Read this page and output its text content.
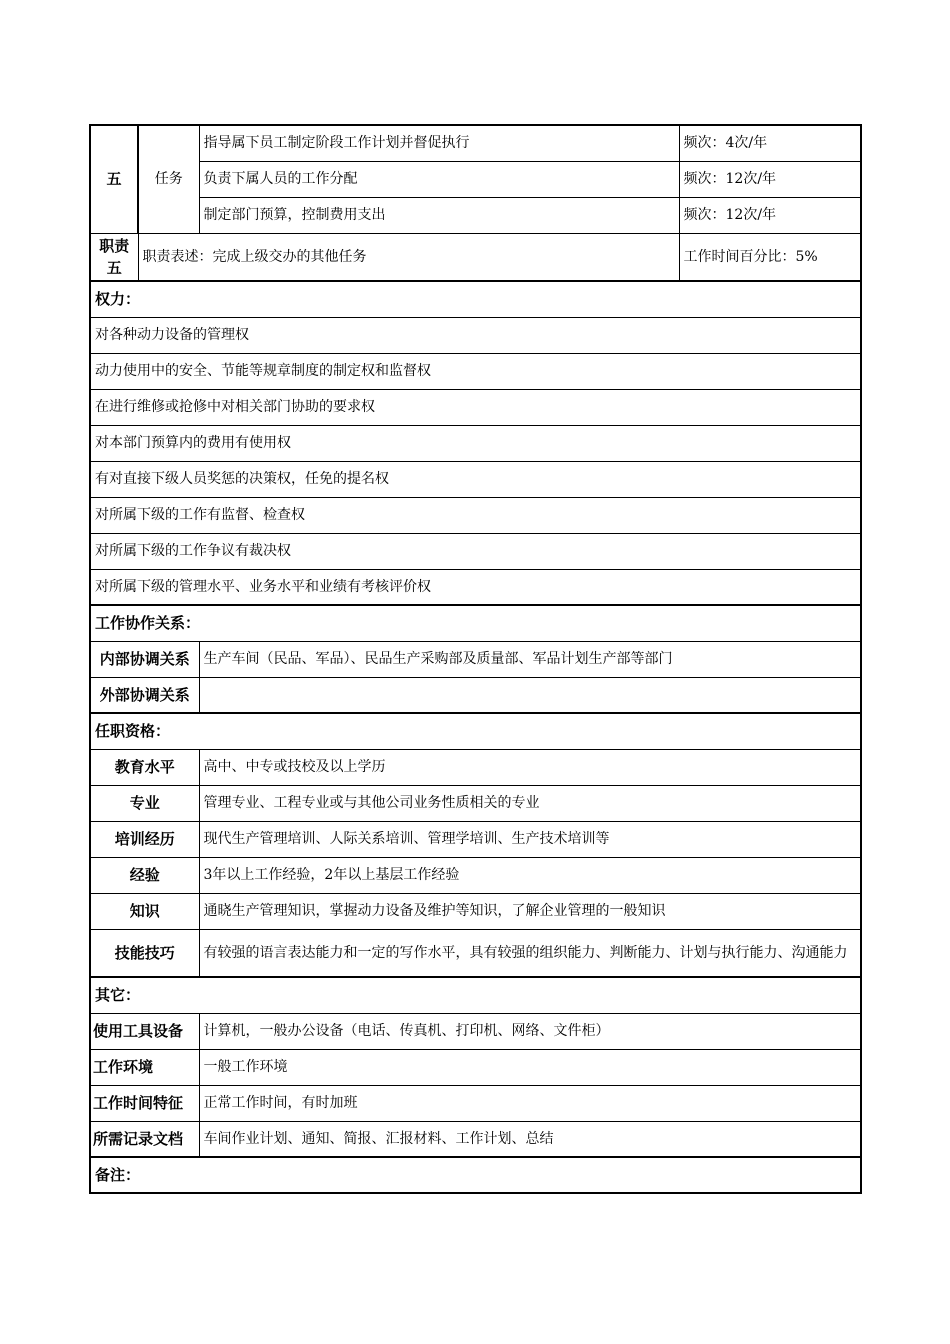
五	任务	指导属下员工制定阶段工作计划并督促执行	频次：4次/年
		负责下属人员的工作分配	频次：12次/年
		制定部门预算，控制费用支出	频次：12次/年
职责五	职责表述：完成上级交办的其他任务		工作时间百分比：5%
权力：			
对各种动力设备的管理权			
动力使用中的安全、节能等规章制度的制定权和监督权			
在进行维修或抢修中对相关部门协助的要求权			
对本部门预算内的费用有使用权			
有对直接下级人员奖惩的决策权，任免的提名权			
对所属下级的工作有监督、检查权			
对所属下级的工作争议有裁决权			
对所属下级的管理水平、业务水平和业绩有考核评价权			
工作协作关系：			
内部协调关系		生产车间（民品、军品）、民品生产采购部及质量部、军品计划生产部等部门	
外部协调关系			
任职资格：			
教育水平		高中、中专或技校及以上学历	
专业		管理专业、工程专业或与其他公司业务性质相关的专业	
培训经历		现代生产管理培训、人际关系培训、管理学培训、生产技术培训等	
经验		3年以上工作经验，2年以上基层工作经验	
知识		通晓生产管理知识，掌握动力设备及维护等知识，了解企业管理的一般知识	
技能技巧		有较强的语言表达能力和一定的写作水平，具有较强的组织能力、判断能力、计划与执行能力、沟通能力	
其它：			
使用工具设备		计算机，一般办公设备（电话、传真机、打印机、网络、文件柜）	
工作环境		一般工作环境	
工作时间特征		正常工作时间，有时加班	
所需记录文档		车间作业计划、通知、简报、汇报材料、工作计划、总结	
备注：			
